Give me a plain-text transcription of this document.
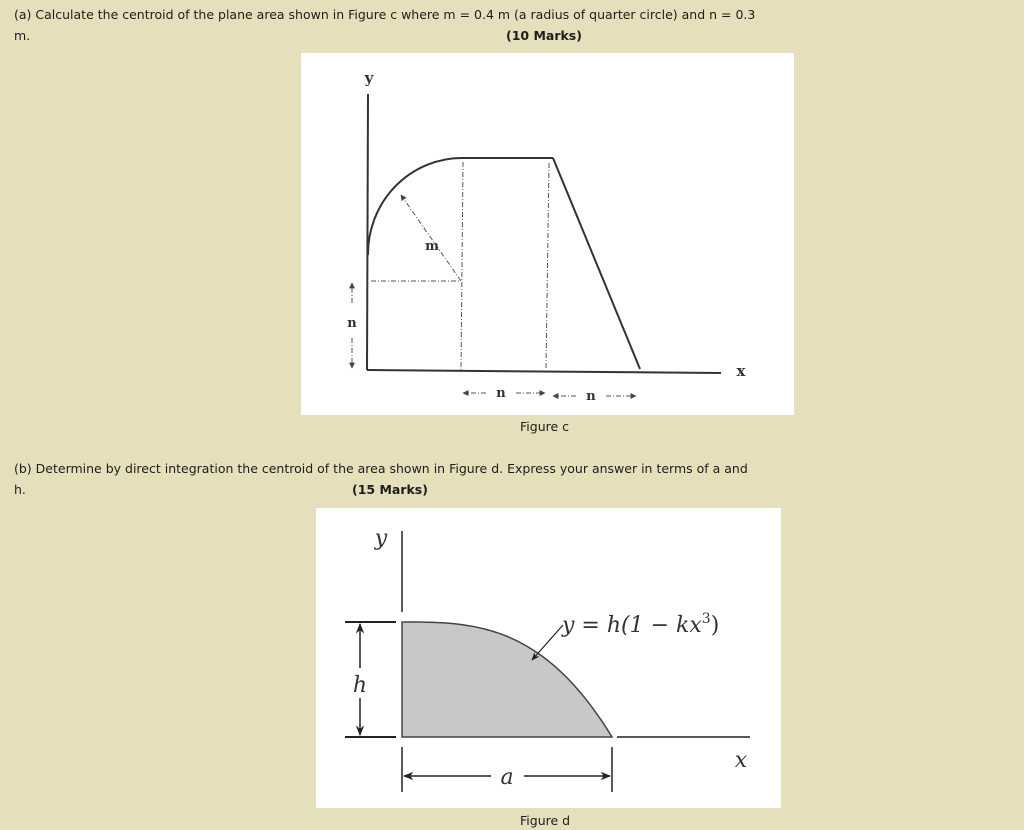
(a) Calculate the centroid of the plane area shown in Figure c where m = 0.4 m (a radius of quarter circle) and n = 0.3
m.	(10 Marks)
y
x
m
n
n	n
Figure c
(b) Determine by direct integration the centroid of the area shown in Figure d. Express your answer in terms of a and
h.	(15 Marks)
y
x
h
a
$y = h(1 - kx^3)$
Figure d
